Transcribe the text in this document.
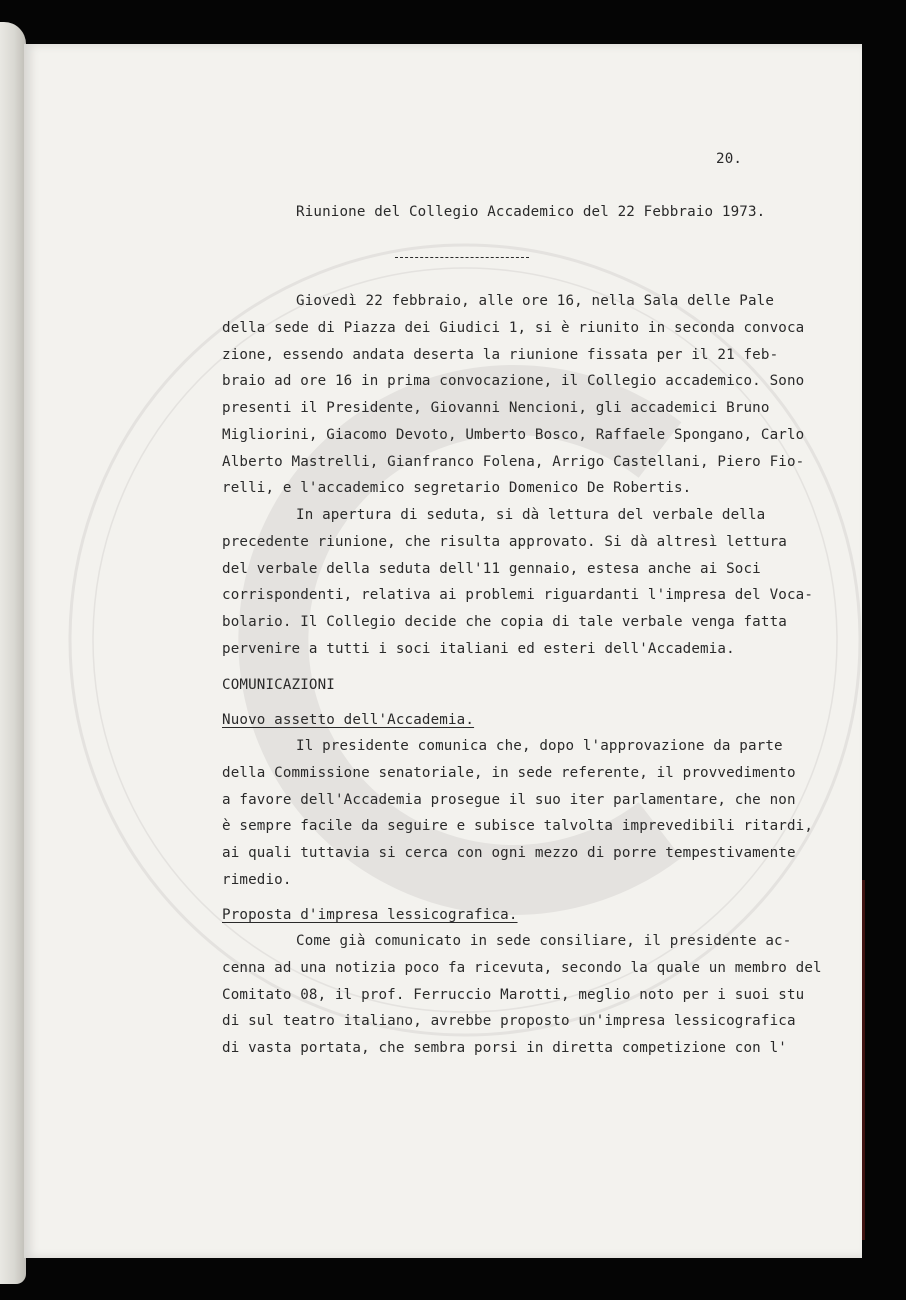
20.
Riunione del Collegio Accademico del 22 Febbraio 1973.
Giovedì 22 febbraio, alle ore 16, nella Sala delle Pale
della sede di Piazza dei Giudici 1, si è riunito in seconda convoca
zione, essendo andata deserta la riunione fissata per il 21 feb-
braio ad ore 16 in prima convocazione, il Collegio accademico. Sono
presenti il Presidente, Giovanni Nencioni, gli accademici Bruno
Migliorini, Giacomo Devoto, Umberto Bosco, Raffaele Spongano, Carlo
Alberto Mastrelli, Gianfranco Folena, Arrigo Castellani, Piero Fio-
relli, e l'accademico segretario Domenico De Robertis.
In apertura di seduta, si dà lettura del verbale della
precedente riunione, che risulta approvato. Si dà altresì lettura
del verbale della seduta dell'11 gennaio, estesa anche ai Soci
corrispondenti, relativa ai problemi riguardanti l'impresa del Voca-
bolario. Il Collegio decide che copia di tale verbale venga fatta
pervenire a tutti i soci italiani ed esteri dell'Accademia.
COMUNICAZIONI
Nuovo assetto dell'Accademia.
Il presidente comunica che, dopo l'approvazione da parte
della Commissione senatoriale, in sede referente, il provvedimento
a favore dell'Accademia prosegue il suo iter parlamentare, che non
è sempre facile da seguire e subisce talvolta imprevedibili ritardi,
ai quali tuttavia si cerca con ogni mezzo di porre tempestivamente
rimedio.
Proposta d'impresa lessicografica.
Come già comunicato in sede consiliare, il presidente ac-
cenna ad una notizia poco fa ricevuta, secondo la quale un membro del
Comitato 08, il prof. Ferruccio Marotti, meglio noto per i suoi stu
di sul teatro italiano, avrebbe proposto un'impresa lessicografica
di vasta portata, che sembra porsi in diretta competizione con l'
